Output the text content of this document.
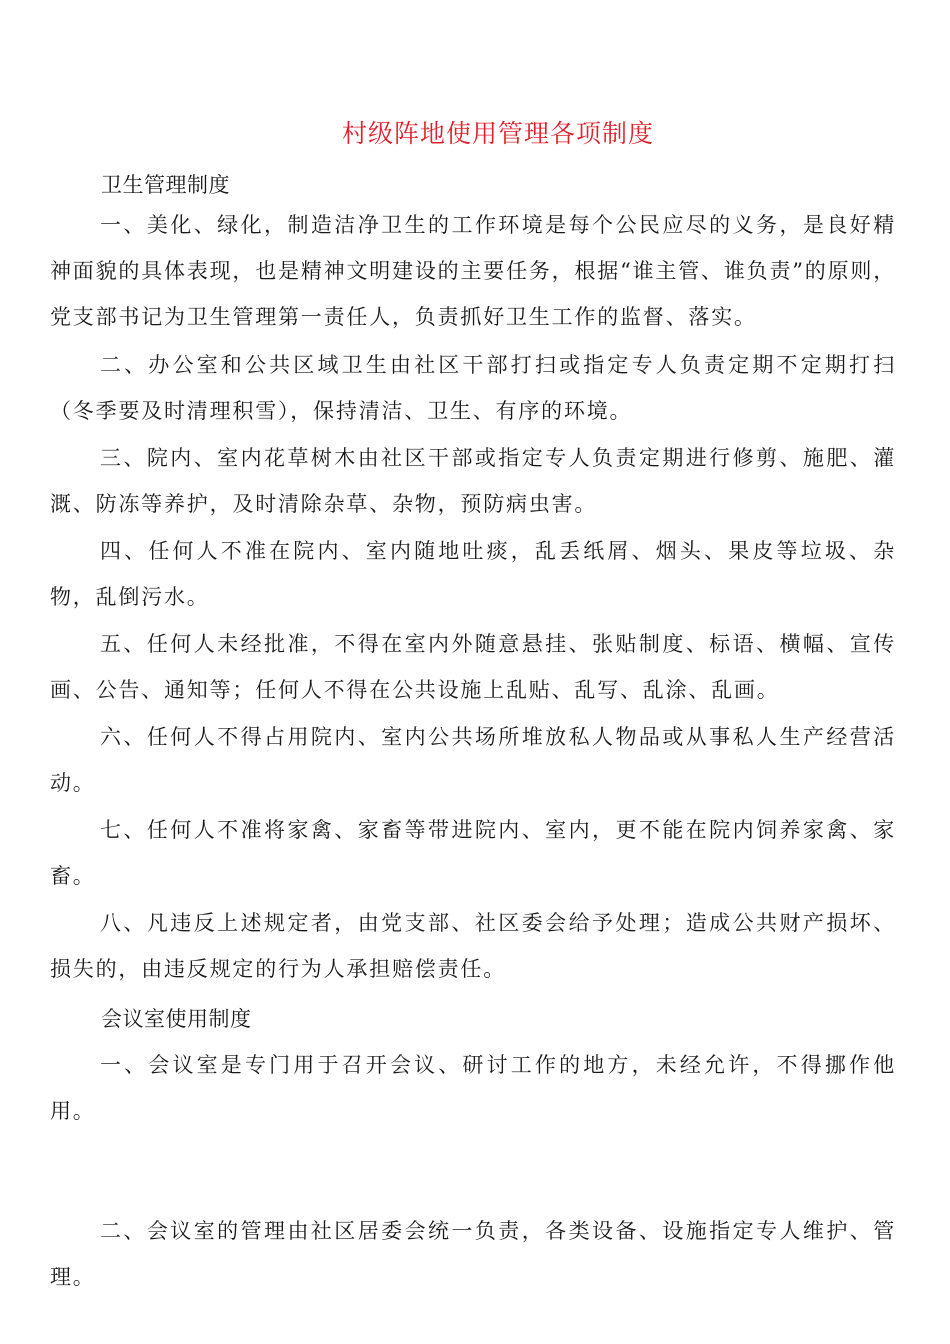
村级阵地使用管理各项制度
卫生管理制度

一、美化、绿化，制造洁净卫生的工作环境是每个公民应尽的义务，是良好精神面貌的具体表现，也是精神文明建设的主要任务，根据“谁主管、谁负责”的原则，党支部书记为卫生管理第一责任人，负责抓好卫生工作的监督、落实。

二、办公室和公共区域卫生由社区干部打扫或指定专人负责定期不定期打扫（冬季要及时清理积雪），保持清洁、卫生、有序的环境。

三、院内、室内花草树木由社区干部或指定专人负责定期进行修剪、施肥、灌溉、防冻等养护，及时清除杂草、杂物，预防病虫害。

四、任何人不准在院内、室内随地吐痰，乱丢纸屑、烟头、果皮等垃圾、杂物，乱倒污水。

五、任何人未经批准，不得在室内外随意悬挂、张贴制度、标语、横幅、宣传画、公告、通知等；任何人不得在公共设施上乱贴、乱写、乱涂、乱画。

六、任何人不得占用院内、室内公共场所堆放私人物品或从事私人生产经营活动。

七、任何人不准将家禽、家畜等带进院内、室内，更不能在院内饲养家禽、家畜。

八、凡违反上述规定者，由党支部、社区委会给予处理；造成公共财产损坏、损失的，由违反规定的行为人承担赔偿责任。

会议室使用制度

一、会议室是专门用于召开会议、研讨工作的地方，未经允许，不得挪作他用。

二、会议室的管理由社区居委会统一负责，各类设备、设施指定专人维护、管理。
